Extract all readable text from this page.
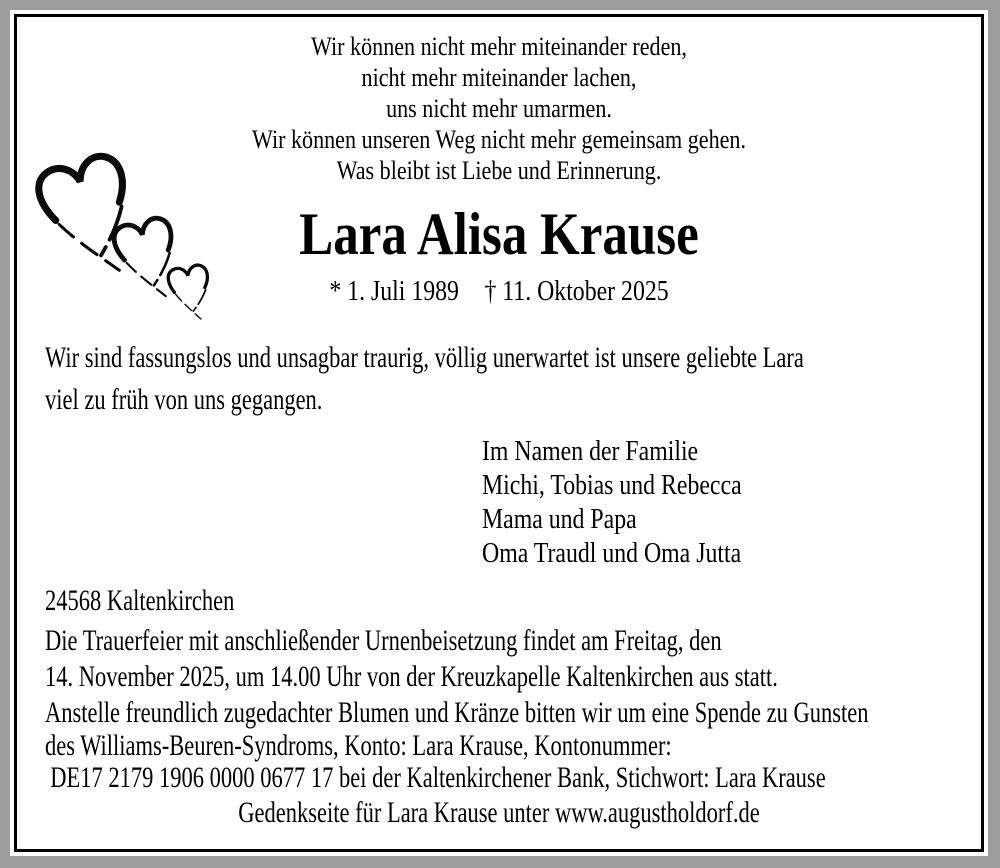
Wir können nicht mehr miteinander reden,
nicht mehr miteinander lachen,
uns nicht mehr umarmen.
Wir können unseren Weg nicht mehr gemeinsam gehen.
Was bleibt ist Liebe und Erinnerung.
Lara Alisa Krause
* 1. Juli 1989 † 11. Oktober 2025
Wir sind fassungslos und unsagbar traurig, völlig unerwartet ist unsere geliebte Lara
viel zu früh von uns gegangen.
Im Namen der Familie
Michi, Tobias und Rebecca
Mama und Papa
Oma Traudl und Oma Jutta
24568 Kaltenkirchen
Die Trauerfeier mit anschließender Urnenbeisetzung findet am Freitag, den
14. November 2025, um 14.00 Uhr von der Kreuzkapelle Kaltenkirchen aus statt.
Anstelle freundlich zugedachter Blumen und Kränze bitten wir um eine Spende zu Gunsten
des Williams-Beuren-Syndroms, Konto: Lara Krause, Kontonummer:
DE17 2179 1906 0000 0677 17 bei der Kaltenkirchener Bank, Stichwort: Lara Krause
Gedenkseite für Lara Krause unter www.augustholdorf.de
